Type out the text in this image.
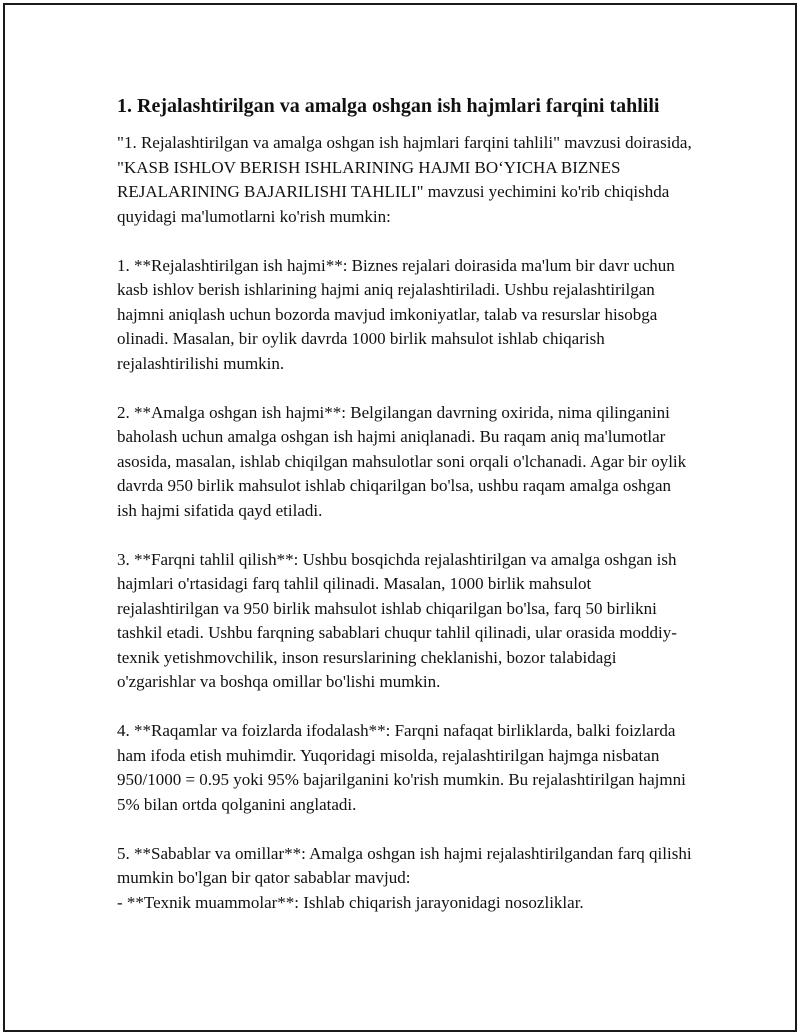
1. Rejalashtirilgan va amalga oshgan ish hajmlari farqini tahlili

"1. Rejalashtirilgan va amalga oshgan ish hajmlari farqini tahlili" mavzusi doirasida, "KASB ISHLOV BERISH ISHLARINING HAJMI BO‘YICHA BIZNES REJALARINING BAJARILISHI TAHLILI" mavzusi yechimini ko'rib chiqishda quyidagi ma'lumotlarni ko'rish mumkin:

1. **Rejalashtirilgan ish hajmi**: Biznes rejalari doirasida ma'lum bir davr uchun kasb ishlov berish ishlarining hajmi aniq rejalashtiriladi. Ushbu rejalashtirilgan hajmni aniqlash uchun bozorda mavjud imkoniyatlar, talab va resurslar hisobga olinadi. Masalan, bir oylik davrda 1000 birlik mahsulot ishlab chiqarish rejalashtirilishi mumkin.

2. **Amalga oshgan ish hajmi**: Belgilangan davrning oxirida, nima qilinganini baholash uchun amalga oshgan ish hajmi aniqlanadi. Bu raqam aniq ma'lumotlar asosida, masalan, ishlab chiqilgan mahsulotlar soni orqali o'lchanadi. Agar bir oylik davrda 950 birlik mahsulot ishlab chiqarilgan bo'lsa, ushbu raqam amalga oshgan ish hajmi sifatida qayd etiladi.

3. **Farqni tahlil qilish**: Ushbu bosqichda rejalashtirilgan va amalga oshgan ish hajmlari o'rtasidagi farq tahlil qilinadi. Masalan, 1000 birlik mahsulot rejalashtirilgan va 950 birlik mahsulot ishlab chiqarilgan bo'lsa, farq 50 birlikni tashkil etadi. Ushbu farqning sabablari chuqur tahlil qilinadi, ular orasida moddiy-texnik yetishmovchilik, inson resurslarining cheklanishi, bozor talabidagi o'zgarishlar va boshqa omillar bo'lishi mumkin.

4. **Raqamlar va foizlarda ifodalash**: Farqni nafaqat birliklarda, balki foizlarda ham ifoda etish muhimdir. Yuqoridagi misolda, rejalashtirilgan hajmga nisbatan 950/1000 = 0.95 yoki 95% bajarilganini ko'rish mumkin. Bu rejalashtirilgan hajmni 5% bilan ortda qolganini anglatadi.

5. **Sabablar va omillar**: Amalga oshgan ish hajmi rejalashtirilgandan farq qilishi mumkin bo'lgan bir qator sabablar mavjud:
- **Texnik muammolar**: Ishlab chiqarish jarayonidagi nosozliklar.
